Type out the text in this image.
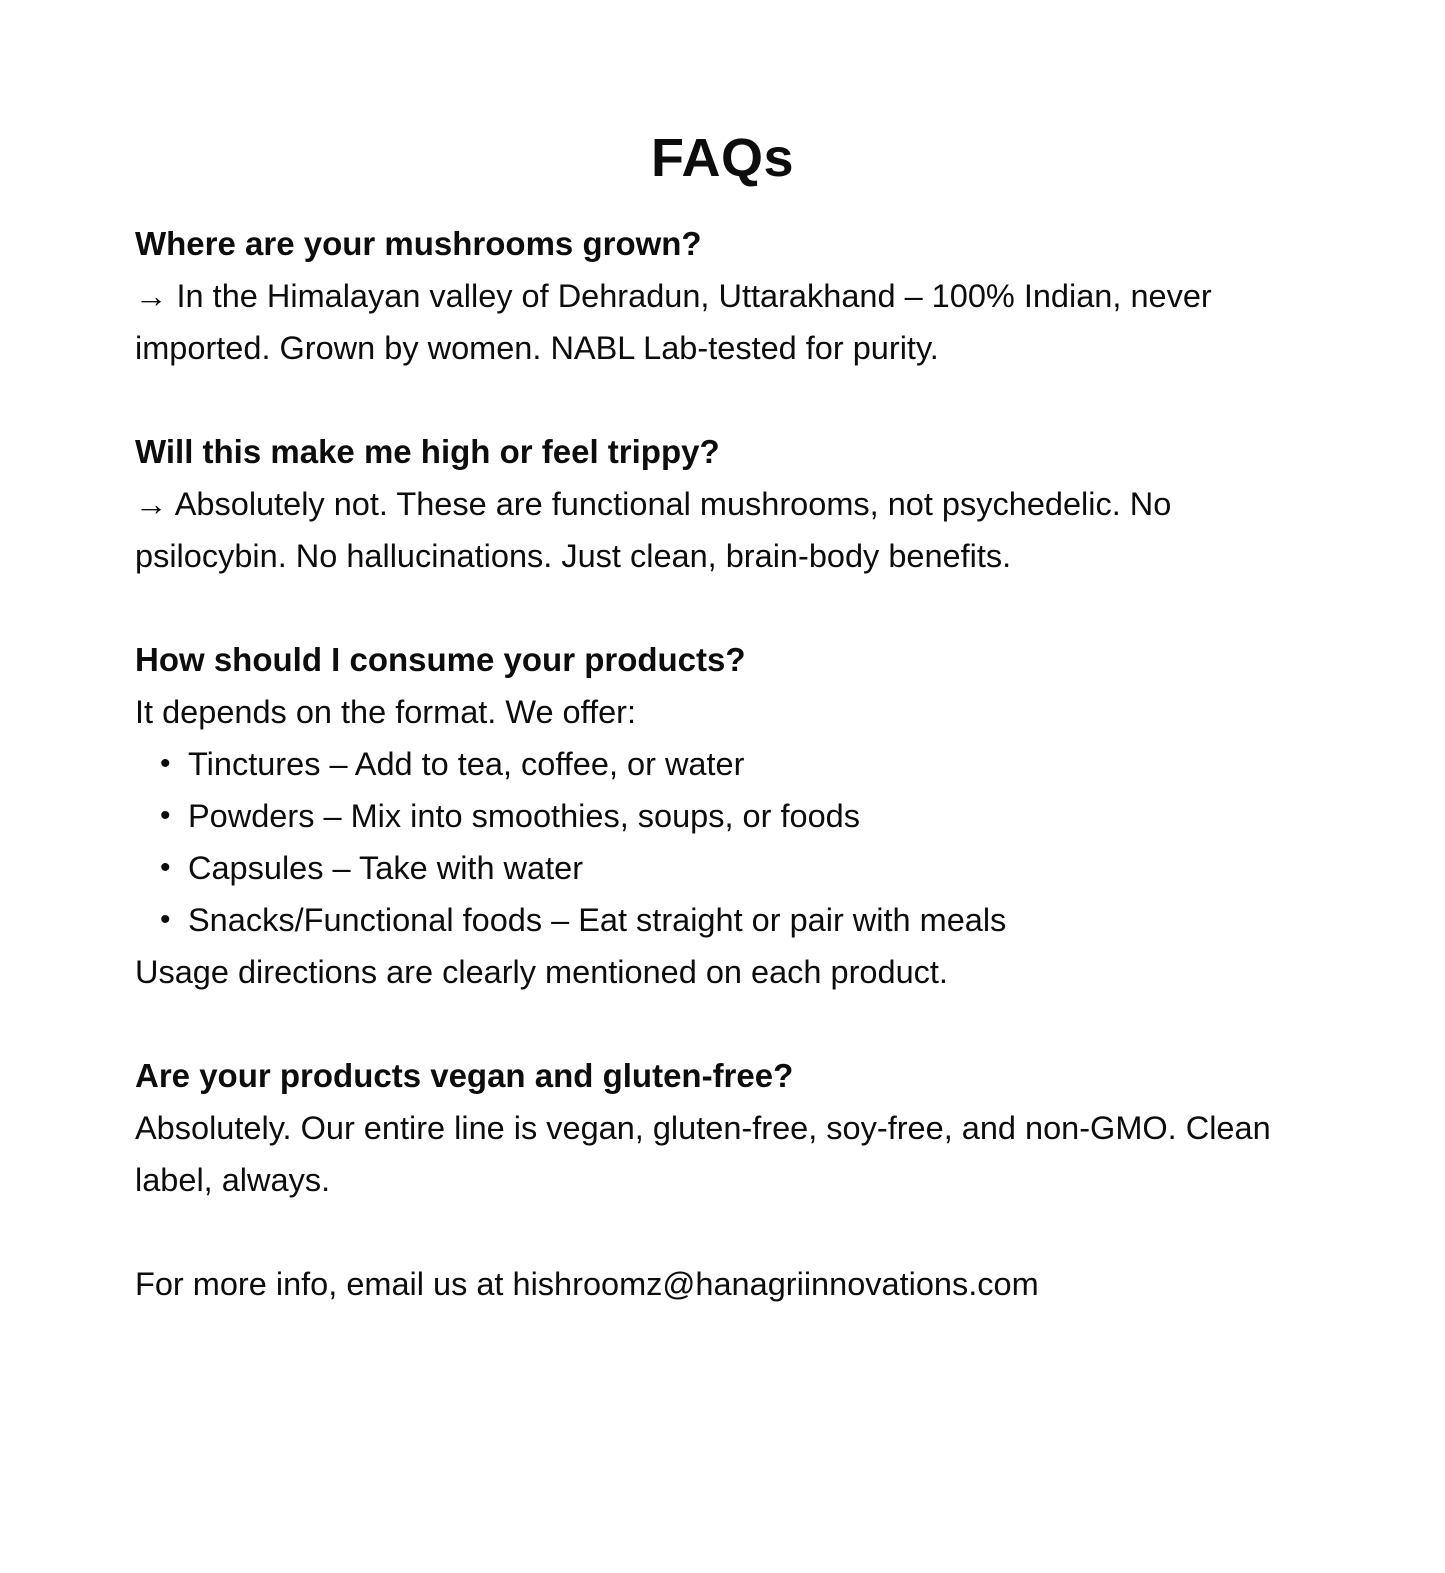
FAQs
Where are your mushrooms grown?

→ In the Himalayan valley of Dehradun, Uttarakhand – 100% Indian, never imported. Grown by women. NABL Lab-tested for purity.

Will this make me high or feel trippy?

→ Absolutely not. These are functional mushrooms, not psychedelic. No psilocybin. No hallucinations. Just clean, brain-body benefits.

How should I consume your products?

It depends on the format. We offer:

• Tinctures – Add to tea, coffee, or water
• Powders – Mix into smoothies, soups, or foods
• Capsules – Take with water
• Snacks/Functional foods – Eat straight or pair with meals

Usage directions are clearly mentioned on each product.

Are your products vegan and gluten-free?

Absolutely. Our entire line is vegan, gluten-free, soy-free, and non-GMO. Clean label, always.

For more info, email us at hishroomz@hanagriinnovations.com
